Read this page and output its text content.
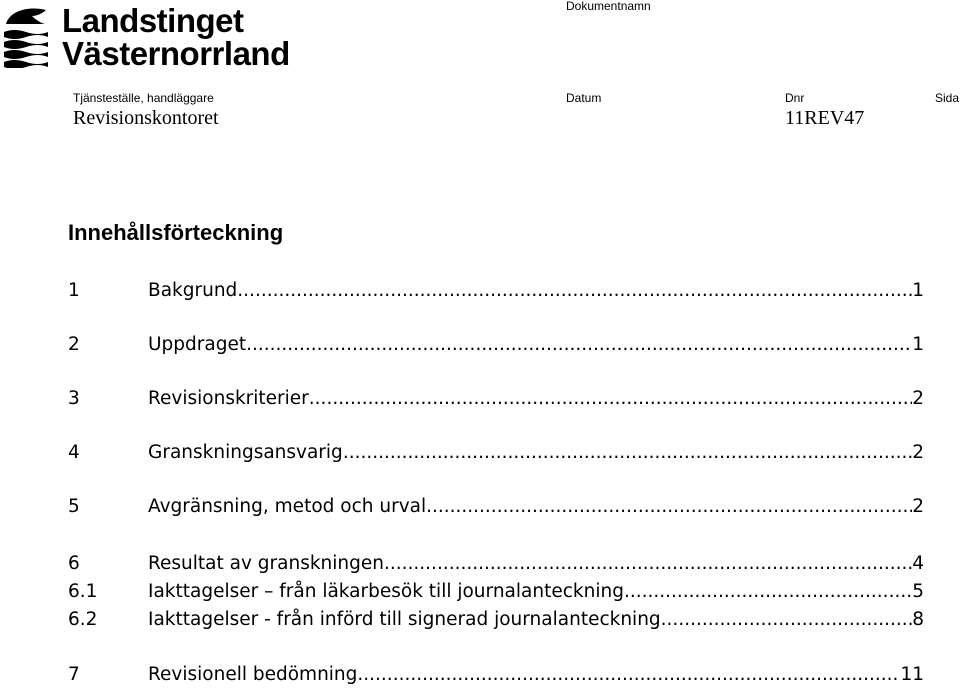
Landstinget
Västernorrland
Dokumentnamn
Tjänsteställe, handläggare
Revisionskontoret
Datum	Dnr
11REV47
Sida
Innehållsförteckning
1	Bakgrund .....	1
2	Uppdraget .....	1
3	Revisionskriterier .....	2
4	Granskningsansvarig .....	2
5	Avgränsning, metod och urval .....	2
6	Resultat av granskningen .....	4
6.1	Iakttagelser – från läkarbesök till journalanteckning .....	5
6.2	Iakttagelser - från införd till signerad journalanteckning .....	8
7	Revisionell bedömning .....	11
